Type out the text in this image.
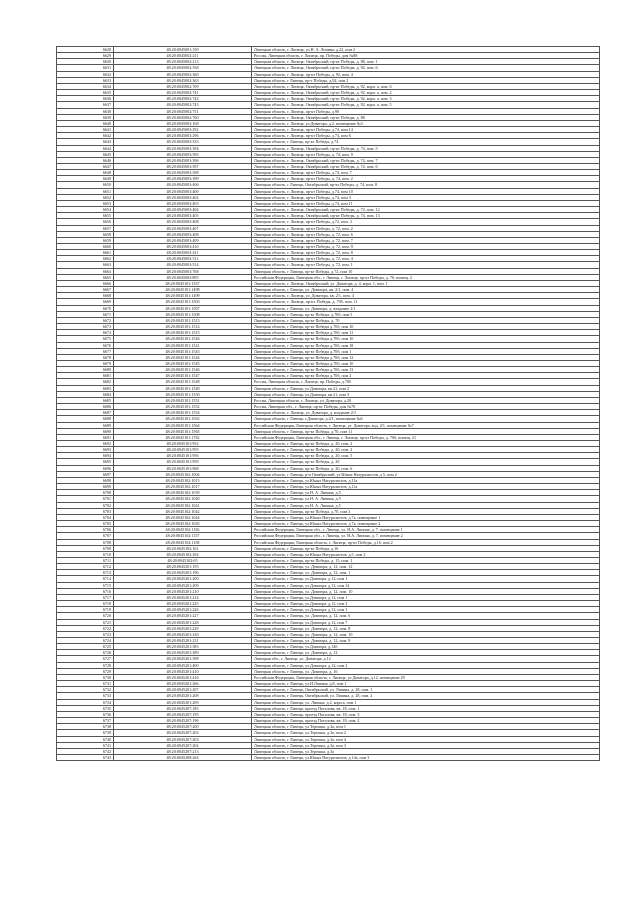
6628	48:20:0045001:150	Липецкая область, г. Липецк, ул.Н. А. Липина, д.22, пом 2
6629	48:20:0045002:211	Россия, Липецкая область, г. Липецк, пр. Победы, дом №88
6630	48:20:0045002:213	Липецкая область, г. Липецк, Октябрьский, пр-кт Победы, д. 88, пом. 1
6631	48:20:0045002:358	Липецкая область, г. Липецк, Октябрьский, пр-кт Победы, д. 92, пом. 6
6632	48:20:0045002:360	Липецкая область, г. Липецк, пр-кт Победы, д. 92, пом. 4
6633	48:20:0045002:363	Липецкая область, г Липецк, пр-т Победы, д.92, пом 2
6634	48:20:0045002:709	Липецкая область, г. Липецк, Октябрьский, пр-кт Победы, д. 92, корп. а, пом. 6
6635	48:20:0045002:741	Липецкая область, г. Липецк, Октябрьский, пр-кт Победы, д. 92, корп. а, пом. 2
6636	48:20:0045002:742	Липецкая область, г. Липецк, Октябрьский, пр-кт Победы, д. 92, корп. а, пом. 3
6637	48:20:0045002:743	Липецкая область, г. Липецк, Октябрьский, пр-кт Победы, д. 92, корп. а, пом. 5
6638	48:20:0045002:751	Липецкая область, г. Липецк, пр-кт Победы, д.90
6639	48:20:0045002:760	Липецкая область, г. Липецк, Октябрьский, пр-кт Победы, д. 88
6640	48:20:0045003:168	Липецкая область, г. Липецк, ул.Доватора, д.2, помещение №3
6641	48:20:0045003:292	Липецкая область, г. Липецк, пр-кт Победы, д.74, пом 14
6642	48:20:0045003:296	Липецкая область, г. Липецк, пр-кт Победы, д.74, пом 6
6643	48:20:0045003:333	Липецкая область, г Липецк, пр-кт Победы, д.74
6644	48:20:0045003:394	Липецкая область, г. Липецк, Октябрьский, пр-кт Победы, д. 74, пом. 5
6645	48:20:0045003:395	Липецкая область, г. Липецк, пр-кт Победы, д. 74, пом. 9
6646	48:20:0045003:396	Липецкая область, г. Липецк, Октябрьский, пр-кт Победы, д. 74, пом. 7
6647	48:20:0045003:397	Липецкая область, г. Липецк, Октябрьский, пр-кт Победы, д. 74, пом. 6
6648	48:20:0045003:398	Липецкая область, г. Липецк, пр-кт Победы, д.74, пом. 7
6649	48:20:0045003:399	Липецкая область, г. Липецк, пр-кт Победы, д. 74, пом. 2
6650	48:20:0045003:406	Липецкая область, г Липецк, Октябрьский, пр-кт Победы, д. 74, пом. 8
6651	48:20:0045003:400	Липецкая область, г. Липецк, пр-кт Победы, д.74, пом 10
6652	48:20:0045003:402	Липецкая область, г. Липецк, пр-кт Победы, д.74, пом 3
6653	48:20:0045003:403	Липецкая область, г. Липецк, пр-кт Победы, д.74, пом 11
6654	48:20:0045003:404	Липецкая область, г. Липецк, Октябрьский, пр-кт Победы, д. 74, пом. 12
6655	48:20:0045003:405	Липецкая область, г. Липецк, Октябрьский, пр-кт Победы, д. 74, пом. 13
6656	48:20:0045003:408	Липецкая область, г. Липецк, пр-кт Победы, д.72, пом. 3
6657	48:20:0045003:407	Липецкая область, г. Липецк, пр-кт Победы, д. 72, пом. 2
6658	48:20:0045003:408	Липецкая область, г. Липецк, пр-кт Победы, д. 72, пом. 6
6659	48:20:0045003:409	Липецкая область, г. Липецк, пр-кт Победы, д. 72, пом. 7
6660	48:20:0045003:410	Липецкая область, г. Липецк, пр-кт Победы, д. 72, пом. 9
6661	48:20:0045003:411	Липецкая область, г. Липецк, пр-кт Победы, д. 72, пом. 8
6662	48:20:0045003:511	Липецкая область, г. Липецк, пр-кт Победы, д. 72, пом. 4
6663	48:20:0045003:514	Липецкая область, г. Липецк, пр-кт Победы, д. 72, пом. 1
6664	48:20:0045003:768	Липецкая область, г Липецк, пр-кт Победы, д.72, пом 10
6665	48:20:0045003:895	Российская Федерация, Липецкая обл., г. Липецк, г. Липецк, пр-кт Победы, д. 76, помещ. 2
6666	48:20:0045101:1337	Липецкая область, г. Липецк, Октябрьский, ул. Доватора, д. 4, корп. 1, пом. 1
6667	48:20:0045101:1498	Липецкая область, г Липецк, ул. Доватора, кв. 2/1, пом. 4
6668	48:20:0045101:1499	Липецкая область, г. Липецк, ул. Доватора, кв. 2/1, пом. 4
6669	48:20:0045101:1503	Липецкая область, г. Липецк, пр-кт. Победы, д. 70б, пом. 11
6670	48:20:0045101:1507	Липецкая область, г Липецк, ул. Доватора, д. владение 2/1
6671	48:20:0045101:1508	Липецкая область, г Липецк, пр-кт Победы, д.70б, пом 5
6672	48:20:0045101:1513	Липецкая область, г Липецк, пр-кт Победы, д. 70
6673	48:20:0045101:1514	Липецкая область, г Липецк, пр-кт Победы д.70б, пом 10
6674	48:20:0045101:1515	Липецкая область, г Липецк, пр-кт Победы д.70б, пом 11
6675	48:20:0045101:1526	Липецкая область, г Липецк, пр-кт Победы д.70б, пом 10
6676	48:20:0045101:1541	Липецкая область, г Липецк, пр-кт Победы д.70б, пом 18
6677	48:20:0045101:1543	Липецкая область, г Липецк, пр-кт Победы д.70б, пом 1
6678	48:20:0045101:1544	Липецкая область, г Липецк, пр-кт Победы д.70б, пом 12
6679	48:20:0045101:1545	Липецкая область, г Липецк, пр-кт Победы д.70б, пом 10
6680	48:20:0045101:1546	Липецкая область, г Липецк, пр-кт Победы д.70б, пом 13
6681	48:20:0045101:1547	Липецкая область, г Липецк, пр-кт Победы д.70б, пом 2
6682	48:20:0045101:1548	Россия, Липецкая область, г. Липецк, пр. Победы, д.70б
6683	48:20:0045101:1549	Липецкая область, г Липецк, ул.Доватора, кв.21, пом 2
6684	48:20:0045101:1550	Липецкая область, г Липецк, ул.Доватора, кв.21, пом 3
6685	48:20:0045101:1551	Россия, Липецкая область, г. Липецк, ул. Доватора, д.20
6686	48:20:0045101:1552	Россия, Липецкая обл., г. Липецк, пр-кт Победы, дом №70
6687	48:20:0045101:1554	Липецкая область, г. Липецк, ул. Доватора, д. владение 2/1
6688	48:20:0045101:1563	Липецкая область, г Липецк, г.Доватора, д.2/1, помещение №6
6689	48:20:0045101:1564	Российская Федерация, Липецкая область, г. Липецк, ул. Доватора, влд. 2/1, помещение №7
6690	48:20:0045101:1565	Липецкая область, г Липецк, пр-кт Победы, д.70, пом 11
6691	48:20:0045101:1782	Российская Федерация, Липецкая обл., г. Липецк, г. Липецк, пр-кт Победы, д. 70б, помещ. 21
6692	48:20:0045101:952	Липецкая область, г Липецк, пр-кт Победы, д. 20, пом. 2
6693	48:20:0045101:955	Липецкая область, г Липецк, пр-кт Победы, д. 20, пом. 2
6694	48:20:0045101:956	Липецкая область, г Липецк, пр-кт Победы, д. 20, пом. 5
6695	48:20:0045101:959	Липецкая область, г Липецк, пр-кт Победы, д. 20
6696	48:20:0045101:968	Липецкая область, г Липецк, пр-кт Победы, д. 20, пом. 6
6697	48:20:0045102:1004	Липецкая область, г Липецк, р-н Октябрьский, ул Юных Натуралистов, д 5, пом 2
6698	48:20:0045102:1015	Липецкая область, г Липецк, ул.Юных Натуралистов, д.11а
6699	48:20:0045102:1017	Липецкая область, г Липецк, ул.Юных Натуралистов, д.11а
6700	48:20:0045102:1039	Липецкая область, г Липецк, ул.Н. А. Липина, д.5
6701	48:20:0045102:1040	Липецкая область, г Липецк, ул.Н. А. Липина, д.5
6702	48:20:0045102:1041	Липецкая область, г Липецк, ул.Н. А. Липина, д.5
6703	48:20:0045102:1042	Липецкая область, г Липецк, пр-кт Победы, д.70, пом 3
6704	48:20:0045102:1044	Липецкая область, г Липецк, ул.Юных Натуралистов, д.7а, помещение 1
6705	48:20:0045102:1045	Липецкая область, г Липецк, ул.Юных Натуралистов, д.7а, помещение 2
6706	48:20:0045102:1156	Российская Федерация, Липецкая обл., г. Липецк, ул. Н.А. Липина, д. 7, помещение 1
6707	48:20:0045102:1157	Российская Федерация, Липецкая обл., г. Липецк, ул. Н.А. Липина, д. 7, помещение 2
6708	48:20:0045102:1158	Российская Федерация, Липецкая область, г. Липецк, пр-кт Победы, д.16, пом 2
6709	48:20:0045102:161	Липецкая область, г Липецк, пр-кт Победы, д.16
6710	48:20:0045102:294	Липецкая область, г Липецк, ул.Юных Натуралистов, д.5, пом 2
6711	48:20:0045102:65	Липецкая область, г Липецк, пр-кт Победы, д. 15, пом. 1
6712	48:20:0045201:195	Липецкая область, г Липецк, ул. Доватора, д. 12, пом. 12
6713	48:20:0045201:196	Липецкая область, г Липецк, ул. Доватора, д. 12, пом. 1
6714	48:20:0045201:200	Липецкая область, г Липецк, ул.Доватора, д.12, пом 1
6715	48:20:0045201:209	Липецкая область, г Липецк, ул.Доватора, д.12, пом 14
6716	48:20:0045201:210	Липецкая область, г Липецк, ул. Доватора, д. 12, пом. 10
6717	48:20:0045201:214	Липецкая область, г Липецк, ул.Доватора, д.12, пом 1
6718	48:20:0045201:225	Липецкая область, г Липецк, ул.Доватора, д.12, пом 2
6719	48:20:0045201:226	Липецкая область, г Липецк, ул.Доватора, д.12, пом 1
6720	48:20:0045201:227	Липецкая область, г Липецк, ул. Доватора, д. 12, пом. 6
6721	48:20:0045201:228	Липецкая область, г Липецк, ул.Доватора, д.12, пом 7
6722	48:20:0045201:229	Липецкая область, г Липецк, ул. Доватора, д. 12, пом. 8
6723	48:20:0045201:230	Липецкая область, г Липецк, ул. Доватора, д. 12, пом. 10
6724	48:20:0045201:231	Липецкая область, г Липецк, ул. Доватора, д. 12, пом. 9
6725	48:20:0045201:383	Липецкая область, г Липецк, ул.Доватора, д.14б
6726	48:20:0045201:389	Липецкая область, г Липецк, ул. Доватора, д. 12
6727	48:20:0045201:398	Липецкая обл., г. Липецк, ул. Доватора, д.12
6728	48:20:0045201:400	Липецкая область, г Липецк, ул.Доватора, д.12, пом 2
6729	48:20:0045201:410	Липецкая область, г Липецк, ул. Доватора, д. 16
6730	48:20:0045201:416	Российская Федерация, Липецкая область, г. Липецк, ул.Доватора, д.12, помещение 29
6731	48:20:0045201:266	Липецкая область, г Липецк, ул.Н.Липина, д.8, пом 1
6732	48:20:0045201:207	Липецкая область, г Липецк, Октябрьский, ул. Липина, д. 28, пом. 1
6733	48:20:0045201:208	Липецкая область, г Липецк, Октябрьский, ул. Липина, д. 28, пом. 2
6734	48:20:0045201:209	Липецкая область, г Липецк, ул. Липина, д.2, корп.а, пом 1
6735	48:20:0045207:185	Липецкая область, г Липецк, проезд Поталова, кв. 18, пом. 1
6736	48:20:0045207:195	Липецкая область, г Липецк, проезд Поталова, кв. 18, пом. 3
6737	48:20:0045207:196	Липецкая область, г Липецк, проезд Поталова, кв. 18, пом. 2
6738	48:20:0045207:200	Липецкая область, г Липецк, ул.Терешка, д.3а, пом 1
6739	48:20:0045207:202	Липецкая область, г Липецк, ул.Терешка, д.3а, пом 2
6740	48:20:0045207:203	Липецкая область, г Липецк, ул.Терешка, д.3а, пом 4
6741	48:20:0045207:204	Липецкая область, г Липецк, ул.Терешка, д.3а, пом 3
6742	48:20:0045207:213	Липецкая область, г Липецк, ул.Терешка, д.3а
6743	48:20:0045208:264	Липецкая область, г Липецк, ул.Юных Натуралистов, д.14а, пом 3
